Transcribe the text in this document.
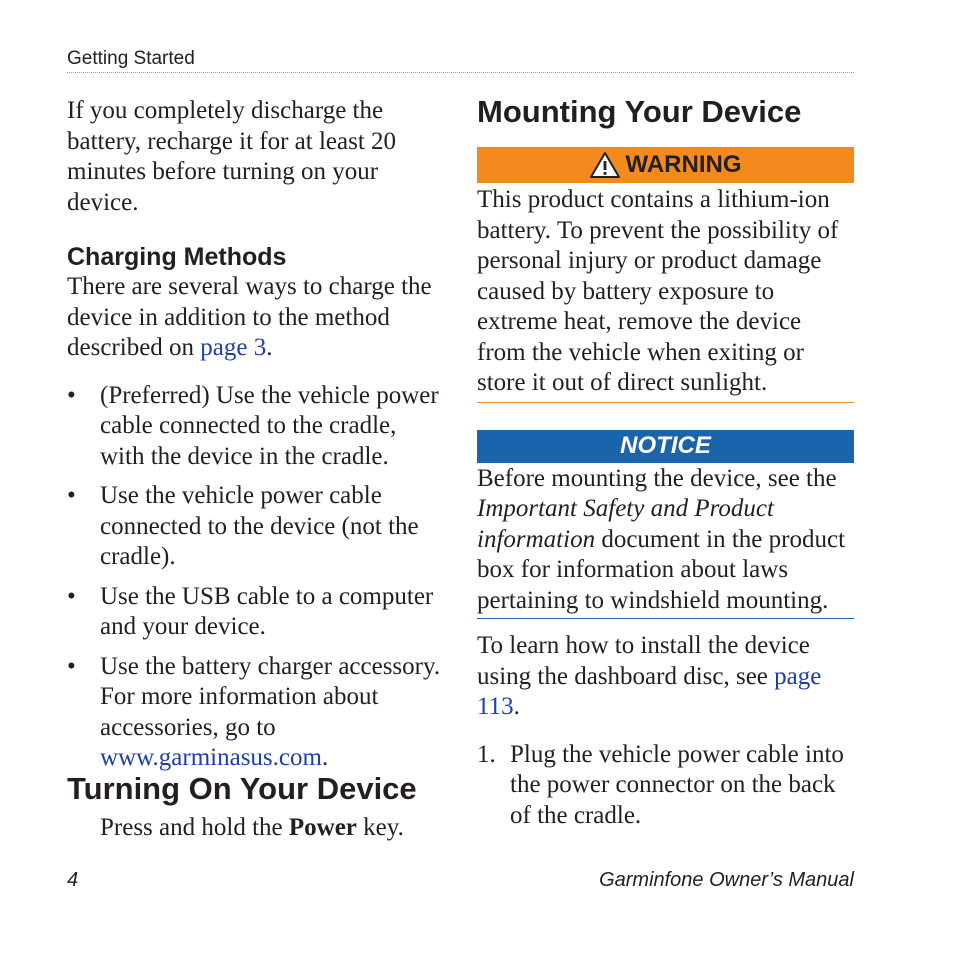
Getting Started

If you completely discharge the battery, recharge it for at least 20 minutes before turning on your device.

Charging Methods

There are several ways to charge the device in addition to the method described on page 3.

• (Preferred) Use the vehicle power cable connected to the cradle, with the device in the cradle.
• Use the vehicle power cable connected to the device (not the cradle).
• Use the USB cable to a computer and your device.
• Use the battery charger accessory. For more information about accessories, go to www.garminasus.com.
Turning On Your Device

Press and hold the Power key.

Mounting Your Device
WARNING

This product contains a lithium-ion battery. To prevent the possibility of personal injury or product damage caused by battery exposure to extreme heat, remove the device from the vehicle when exiting or store it out of direct sunlight.

NOTICE

Before mounting the device, see the Important Safety and Product information document in the product box for information about laws pertaining to windshield mounting.

To learn how to install the device using the dashboard disc, see page 113.

1. Plug the vehicle power cable into the power connector on the back of the cradle.
4	Garminfone Owner’s Manual
